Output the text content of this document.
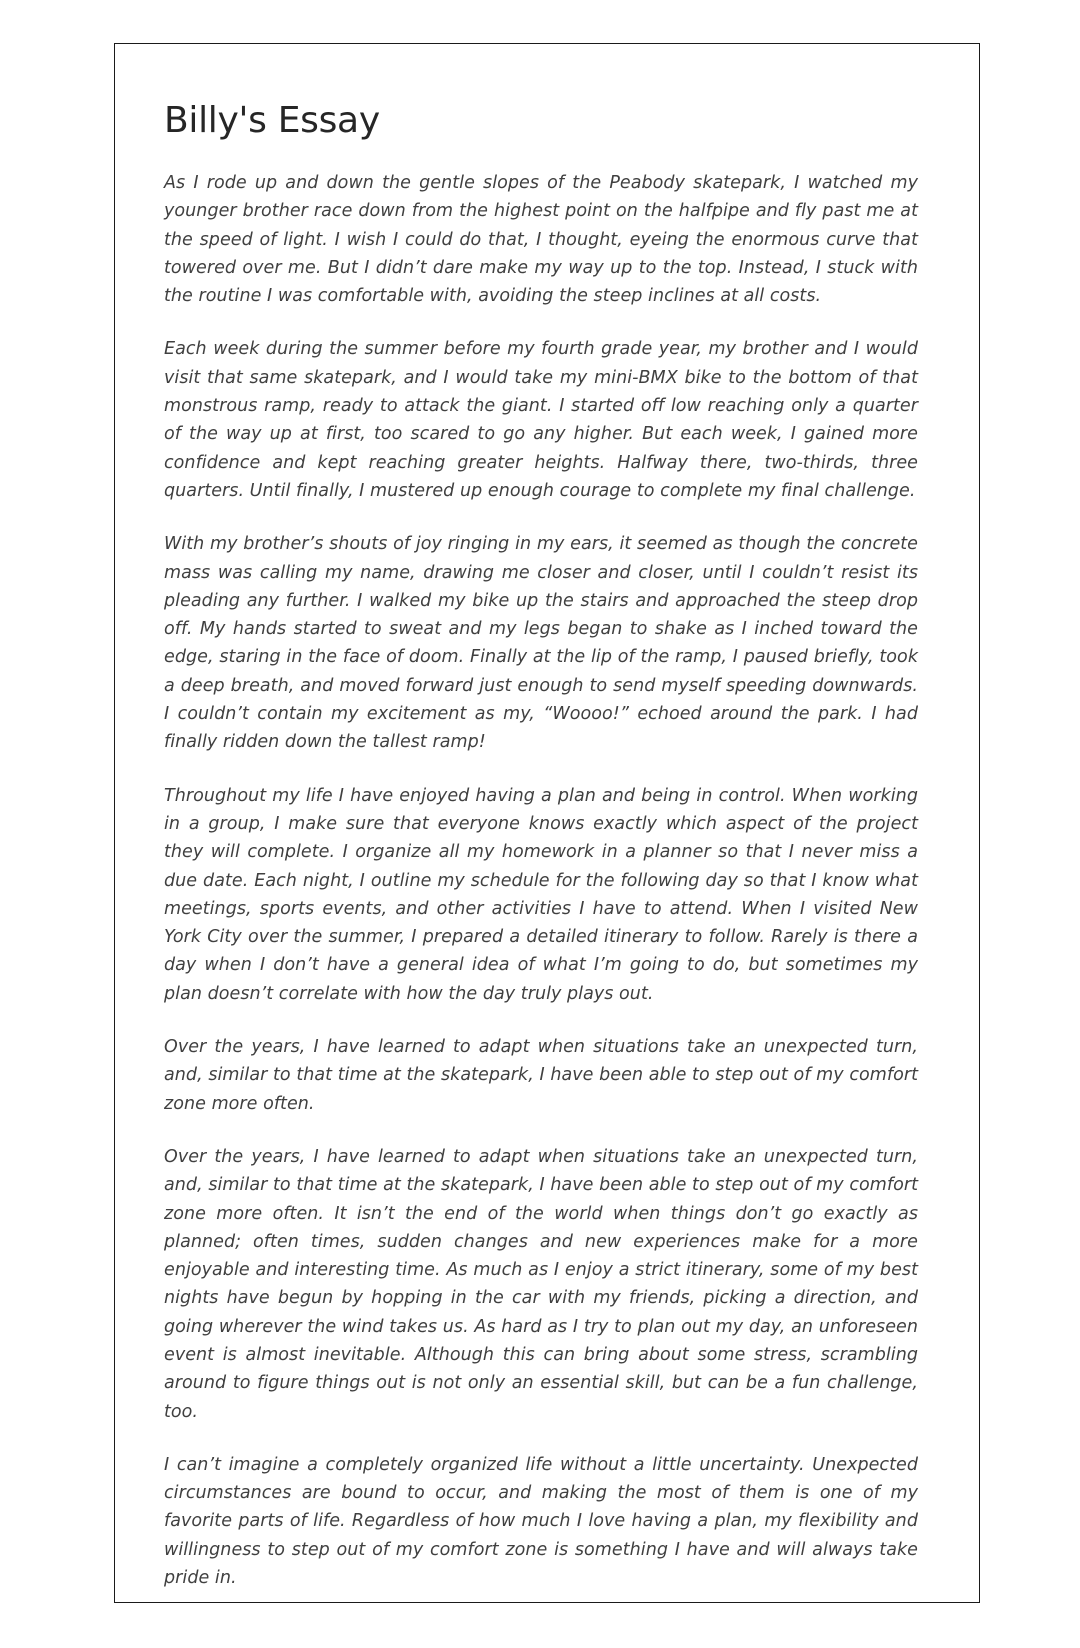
Billy's Essay

As I rode up and down the gentle slopes of the Peabody skatepark, I watched my younger brother race down from the highest point on the halfpipe and fly past me at the speed of light. I wish I could do that, I thought, eyeing the enormous curve that towered over me. But I didn’t dare make my way up to the top. Instead, I stuck with the routine I was comfortable with, avoiding the steep inclines at all costs.

Each week during the summer before my fourth grade year, my brother and I would visit that same skatepark, and I would take my mini-BMX bike to the bottom of that monstrous ramp, ready to attack the giant. I started off low reaching only a quarter of the way up at first, too scared to go any higher. But each week, I gained more confidence and kept reaching greater heights. Halfway there, two-thirds, three quarters. Until finally, I mustered up enough courage to complete my final challenge.

With my brother’s shouts of joy ringing in my ears, it seemed as though the concrete mass was calling my name, drawing me closer and closer, until I couldn’t resist its pleading any further. I walked my bike up the stairs and approached the steep drop off. My hands started to sweat and my legs began to shake as I inched toward the edge, staring in the face of doom. Finally at the lip of the ramp, I paused briefly, took a deep breath, and moved forward just enough to send myself speeding downwards. I couldn’t contain my excitement as my, “Woooo!” echoed around the park. I had finally ridden down the tallest ramp!

Throughout my life I have enjoyed having a plan and being in control. When working in a group, I make sure that everyone knows exactly which aspect of the project they will complete. I organize all my homework in a planner so that I never miss a due date. Each night, I outline my schedule for the following day so that I know what meetings, sports events, and other activities I have to attend. When I visited New York City over the summer, I prepared a detailed itinerary to follow. Rarely is there a day when I don’t have a general idea of what I’m going to do, but sometimes my plan doesn’t correlate with how the day truly plays out.

Over the years, I have learned to adapt when situations take an unexpected turn, and, similar to that time at the skatepark, I have been able to step out of my comfort zone more often.

Over the years, I have learned to adapt when situations take an unexpected turn, and, similar to that time at the skatepark, I have been able to step out of my comfort zone more often. It isn’t the end of the world when things don’t go exactly as planned; often times, sudden changes and new experiences make for a more enjoyable and interesting time. As much as I enjoy a strict itinerary, some of my best nights have begun by hopping in the car with my friends, picking a direction, and going wherever the wind takes us. As hard as I try to plan out my day, an unforeseen event is almost inevitable. Although this can bring about some stress, scrambling around to figure things out is not only an essential skill, but can be a fun challenge, too.

I can’t imagine a completely organized life without a little uncertainty. Unexpected circumstances are bound to occur, and making the most of them is one of my favorite parts of life. Regardless of how much I love having a plan, my flexibility and willingness to step out of my comfort zone is something I have and will always take pride in.
